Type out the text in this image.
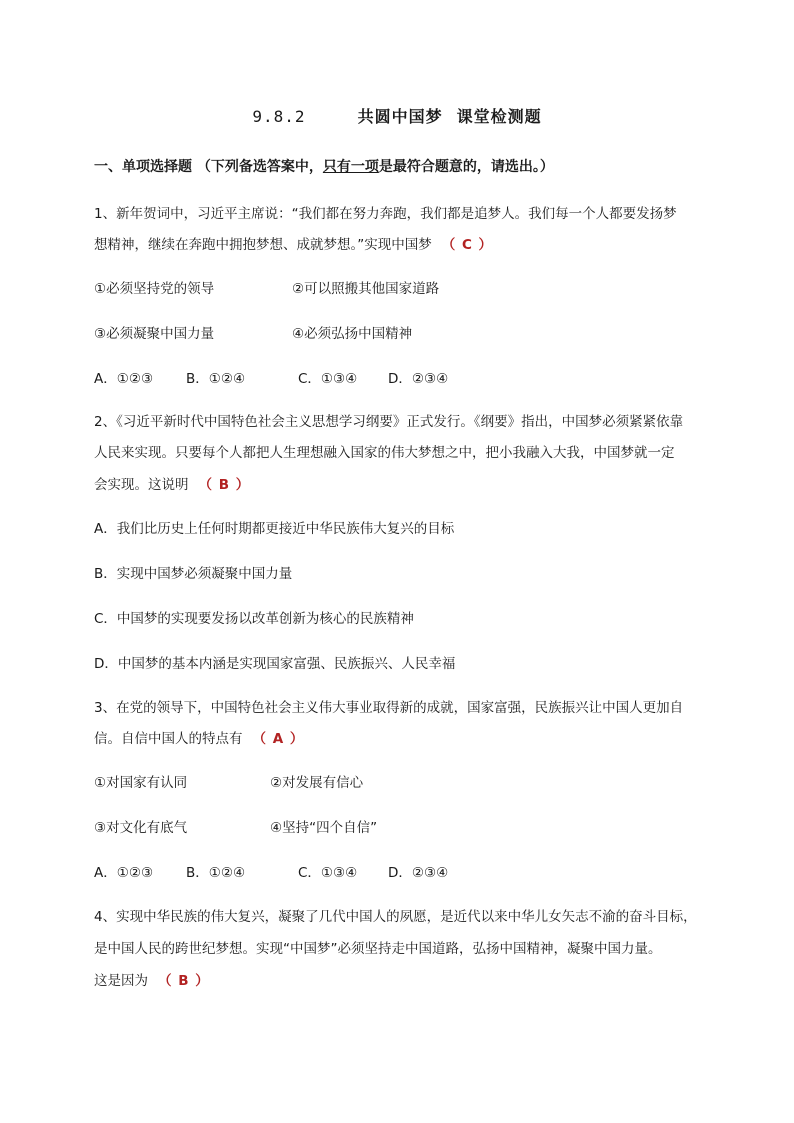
9.8.2	共圆中国梦 课堂检测题
一、单项选择题 （下列备选答案中，只有一项是最符合题意的，请选出。）
1、新年贺词中，习近平主席说：“我们都在努力奔跑，我们都是追梦人。我们每一个人都要发扬梦
想精神，继续在奔跑中拥抱梦想、成就梦想。”实现中国梦 （ C ）
①必须坚持党的领导	②可以照搬其他国家道路
③必须凝聚中国力量	④必须弘扬中国精神
A．①②③ B．①②④	C．①③④ D．②③④
2、《习近平新时代中国特色社会主义思想学习纲要》正式发行。《纲要》指出，中国梦必须紧紧依靠
人民来实现。只要每个人都把人生理想融入国家的伟大梦想之中，把小我融入大我，中国梦就一定
会实现。这说明 （ B ）
A．我们比历史上任何时期都更接近中华民族伟大复兴的目标
B．实现中国梦必须凝聚中国力量
C．中国梦的实现要发扬以改革创新为核心的民族精神
D．中国梦的基本内涵是实现国家富强、民族振兴、人民幸福
3、在党的领导下，中国特色社会主义伟大事业取得新的成就，国家富强，民族振兴让中国人更加自
信。自信中国人的特点有 （ A ）
①对国家有认同	②对发展有信心
③对文化有底气	④坚持“四个自信”
A．①②③ B．①②④	C．①③④ D．②③④
4、实现中华民族的伟大复兴，凝聚了几代中国人的夙愿，是近代以来中华儿女矢志不渝的奋斗目标，
是中国人民的跨世纪梦想。实现“中国梦”必须坚持走中国道路，弘扬中国精神，凝聚中国力量。
这是因为 （ B ）
